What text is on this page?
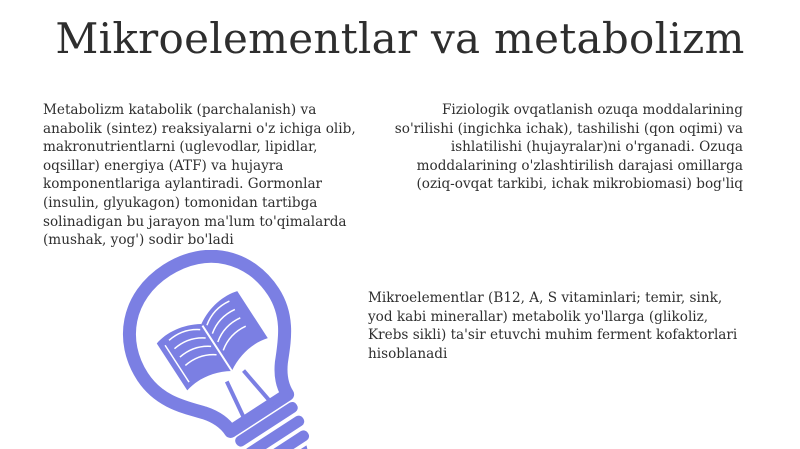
Mikroelementlar va metabolizm
Metabolizm katabolik (parchalanish) va anabolik (sintez) reaksiyalarni o'z ichiga olib, makronutrientlarni (uglevodlar, lipidlar, oqsillar) energiya (ATF) va hujayra komponentlariga aylantiradi. Gormonlar (insulin, glyukagon) tomonidan tartibga solinadigan bu jarayon ma'lum to'qimalarda (mushak, yog') sodir bo'ladi
Fiziologik ovqatlanish ozuqa moddalarining so'rilishi (ingichka ichak), tashilishi (qon oqimi) va ishlatilishi (hujayralar)ni o'rganadi. Ozuqa moddalarining o'zlashtirilish darajasi omillarga (oziq-ovqat tarkibi, ichak mikrobiomasi) bog'liq
Mikroelementlar (B12, A, S vitaminlari; temir, sink, yod kabi minerallar) metabolik yo'llarga (glikoliz, Krebs sikli) ta'sir etuvchi muhim ferment kofaktorlari hisoblanadi
